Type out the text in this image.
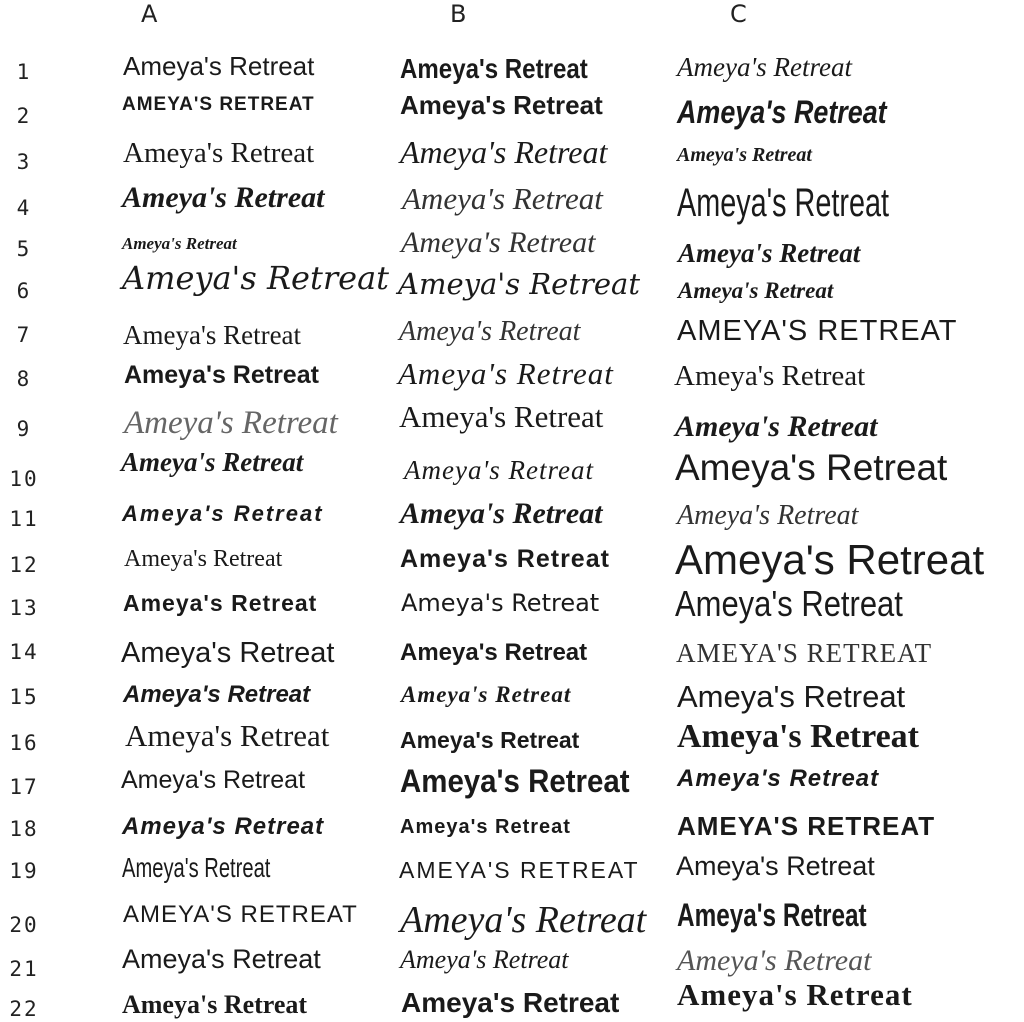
A	B	C
1
2
3
4
5
6
7
8
9
10
11
12
13
14
15
16
17
18
19
20
21
22
Ameya's Retreat
AMEYA'S RETREAT
Ameya's Retreat
Ameya's Retreat
Ameya's Retreat
Ameya's Retreat
Ameya's Retreat
Ameya's Retreat
Ameya's Retreat
Ameya's Retreat
Ameya's Retreat
Ameya's Retreat
Ameya's Retreat
Ameya's Retreat
Ameya's Retreat
Ameya's Retreat
Ameya's Retreat
Ameya's Retreat
Ameya's Retreat
AMEYA'S RETREAT
Ameya's Retreat
Ameya's Retreat
Ameya's Retreat
Ameya's Retreat
Ameya's Retreat
Ameya's Retreat
Ameya's Retreat
Ameya's Retreat
Ameya's Retreat
Ameya's Retreat
Ameya's Retreat
Ameya's Retreat
Ameya's Retreat
Ameya's Retreat
Ameya's Retreat
Ameya's Retreat
Ameya's Retreat
Ameya's Retreat
Ameya's Retreat
Ameya's Retreat
AMEYA'S RETREAT
Ameya's Retreat
Ameya's Retreat
Ameya's Retreat
Ameya's Retreat
Ameya's Retreat
Ameya's Retreat
Ameya's Retreat
Ameya's Retreat
Ameya's Retreat
AMEYA'S RETREAT
Ameya's Retreat
Ameya's Retreat
Ameya's Retreat
Ameya's Retreat
Ameya's Retreat
Ameya's Retreat
AMEYA'S RETREAT
Ameya's Retreat
Ameya's Retreat
Ameya's Retreat
AMEYA'S RETREAT
Ameya's Retreat
Ameya's Retreat
Ameya's Retreat
Ameya's Retreat
